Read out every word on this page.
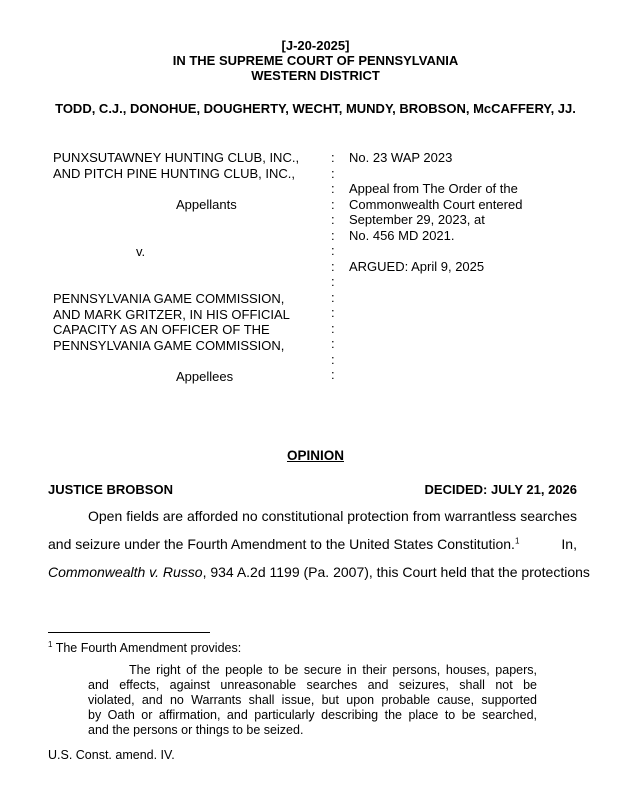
[J-20-2025]
IN THE SUPREME COURT OF PENNSYLVANIA
WESTERN DISTRICT
TODD, C.J., DONOHUE, DOUGHERTY, WECHT, MUNDY, BROBSON, McCAFFERY, JJ.
PUNXSUTAWNEY HUNTING CLUB, INC.,
AND PITCH PINE HUNTING CLUB, INC.,
Appellants
v.
PENNSYLVANIA GAME COMMISSION,
AND MARK GRITZER, IN HIS OFFICIAL
CAPACITY AS AN OFFICER OF THE
PENNSYLVANIA GAME COMMISSION,
Appellees
:
:
:
:
:
:
:
:
:
:
:
:
:
:
:
No. 23 WAP 2023
Appeal from The Order of the
Commonwealth Court entered
September 29, 2023, at
No. 456 MD 2021.
ARGUED: April 9, 2025
OPINION
JUSTICE BROBSON	DECIDED: JULY 21, 2026
Open fields are afforded no constitutional protection from warrantless searches
and seizure under the Fourth Amendment to the United States Constitution.$^1$	In,
Commonwealth v. Russo, 934 A.2d 1199 (Pa. 2007), this Court held that the protections
$^1$ The Fourth Amendment provides:
The right of the people to be secure in their persons, houses, papers,
and effects, against unreasonable searches and seizures, shall not be
violated, and no Warrants shall issue, but upon probable cause, supported
by Oath or affirmation, and particularly describing the place to be searched,
and the persons or things to be seized.
U.S. Const. amend. IV.
